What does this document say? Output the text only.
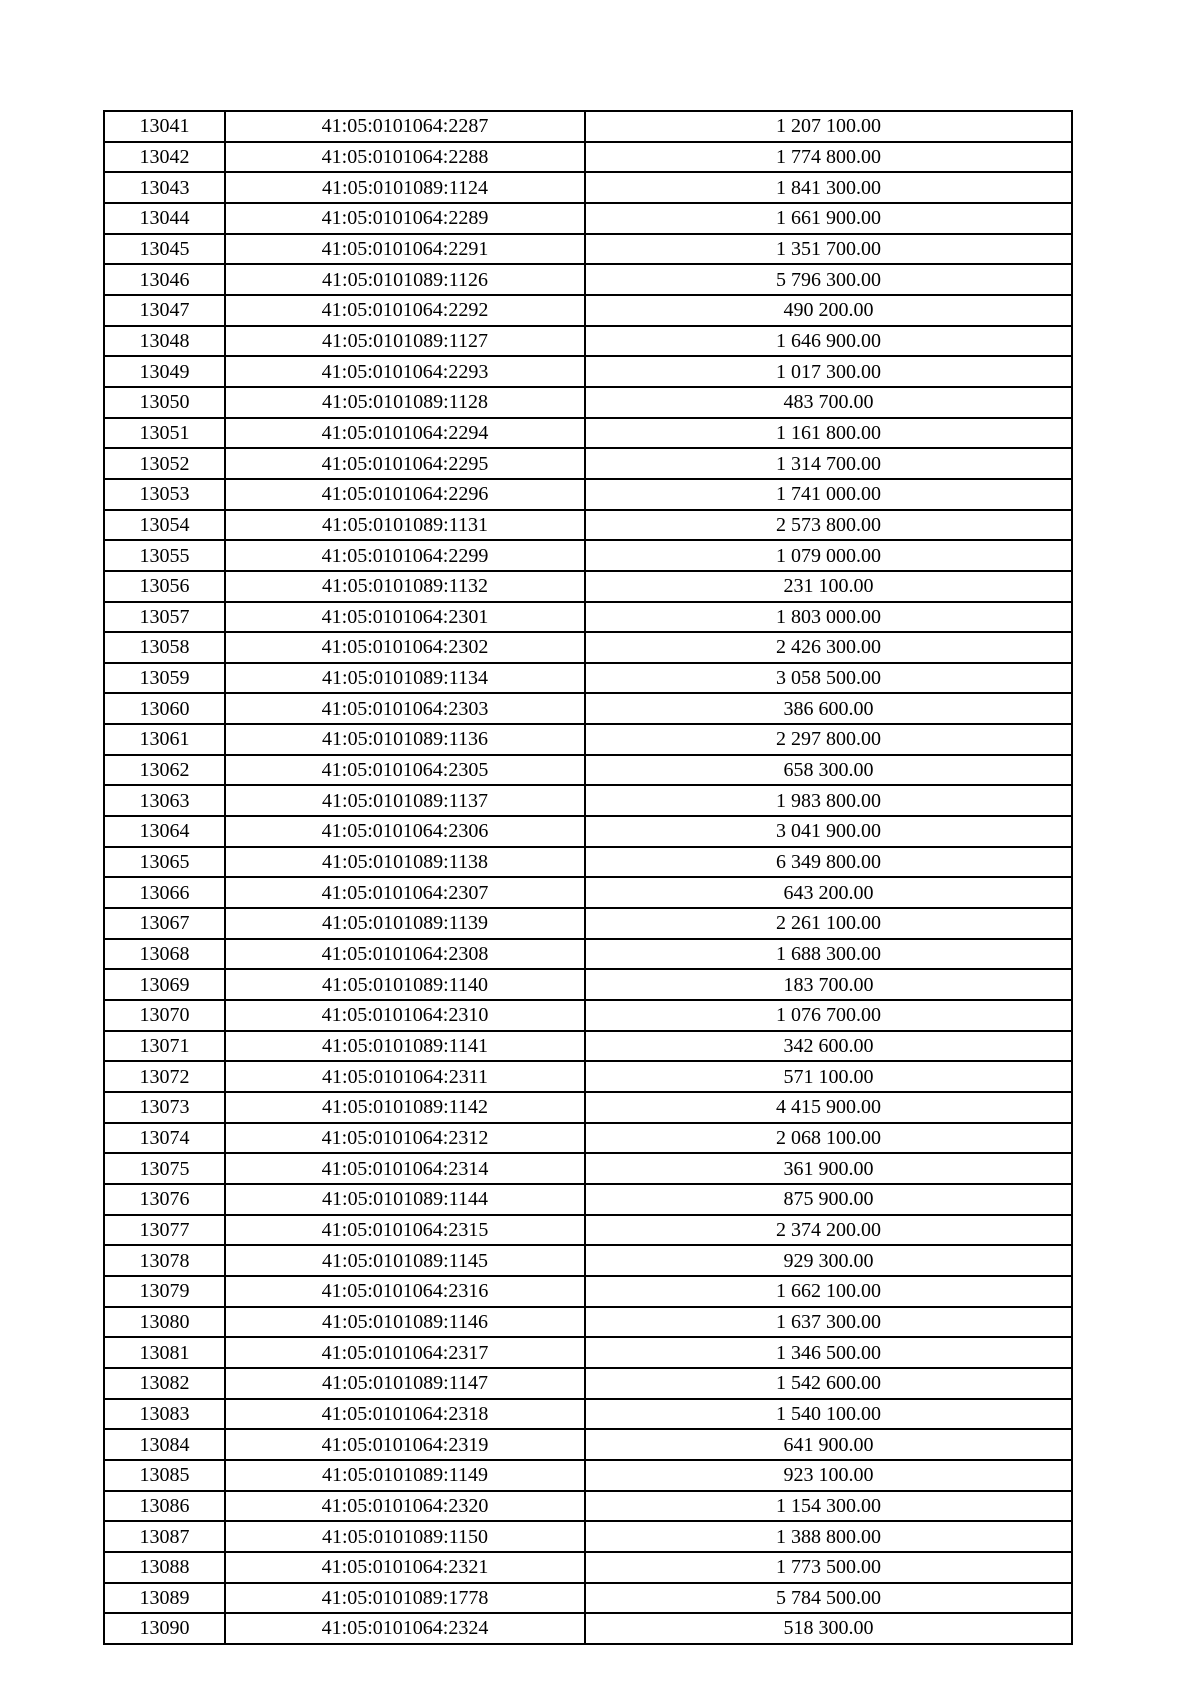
13041	41:05:0101064:2287	1 207 100.00
13042	41:05:0101064:2288	1 774 800.00
13043	41:05:0101089:1124	1 841 300.00
13044	41:05:0101064:2289	1 661 900.00
13045	41:05:0101064:2291	1 351 700.00
13046	41:05:0101089:1126	5 796 300.00
13047	41:05:0101064:2292	490 200.00
13048	41:05:0101089:1127	1 646 900.00
13049	41:05:0101064:2293	1 017 300.00
13050	41:05:0101089:1128	483 700.00
13051	41:05:0101064:2294	1 161 800.00
13052	41:05:0101064:2295	1 314 700.00
13053	41:05:0101064:2296	1 741 000.00
13054	41:05:0101089:1131	2 573 800.00
13055	41:05:0101064:2299	1 079 000.00
13056	41:05:0101089:1132	231 100.00
13057	41:05:0101064:2301	1 803 000.00
13058	41:05:0101064:2302	2 426 300.00
13059	41:05:0101089:1134	3 058 500.00
13060	41:05:0101064:2303	386 600.00
13061	41:05:0101089:1136	2 297 800.00
13062	41:05:0101064:2305	658 300.00
13063	41:05:0101089:1137	1 983 800.00
13064	41:05:0101064:2306	3 041 900.00
13065	41:05:0101089:1138	6 349 800.00
13066	41:05:0101064:2307	643 200.00
13067	41:05:0101089:1139	2 261 100.00
13068	41:05:0101064:2308	1 688 300.00
13069	41:05:0101089:1140	183 700.00
13070	41:05:0101064:2310	1 076 700.00
13071	41:05:0101089:1141	342 600.00
13072	41:05:0101064:2311	571 100.00
13073	41:05:0101089:1142	4 415 900.00
13074	41:05:0101064:2312	2 068 100.00
13075	41:05:0101064:2314	361 900.00
13076	41:05:0101089:1144	875 900.00
13077	41:05:0101064:2315	2 374 200.00
13078	41:05:0101089:1145	929 300.00
13079	41:05:0101064:2316	1 662 100.00
13080	41:05:0101089:1146	1 637 300.00
13081	41:05:0101064:2317	1 346 500.00
13082	41:05:0101089:1147	1 542 600.00
13083	41:05:0101064:2318	1 540 100.00
13084	41:05:0101064:2319	641 900.00
13085	41:05:0101089:1149	923 100.00
13086	41:05:0101064:2320	1 154 300.00
13087	41:05:0101089:1150	1 388 800.00
13088	41:05:0101064:2321	1 773 500.00
13089	41:05:0101089:1778	5 784 500.00
13090	41:05:0101064:2324	518 300.00
